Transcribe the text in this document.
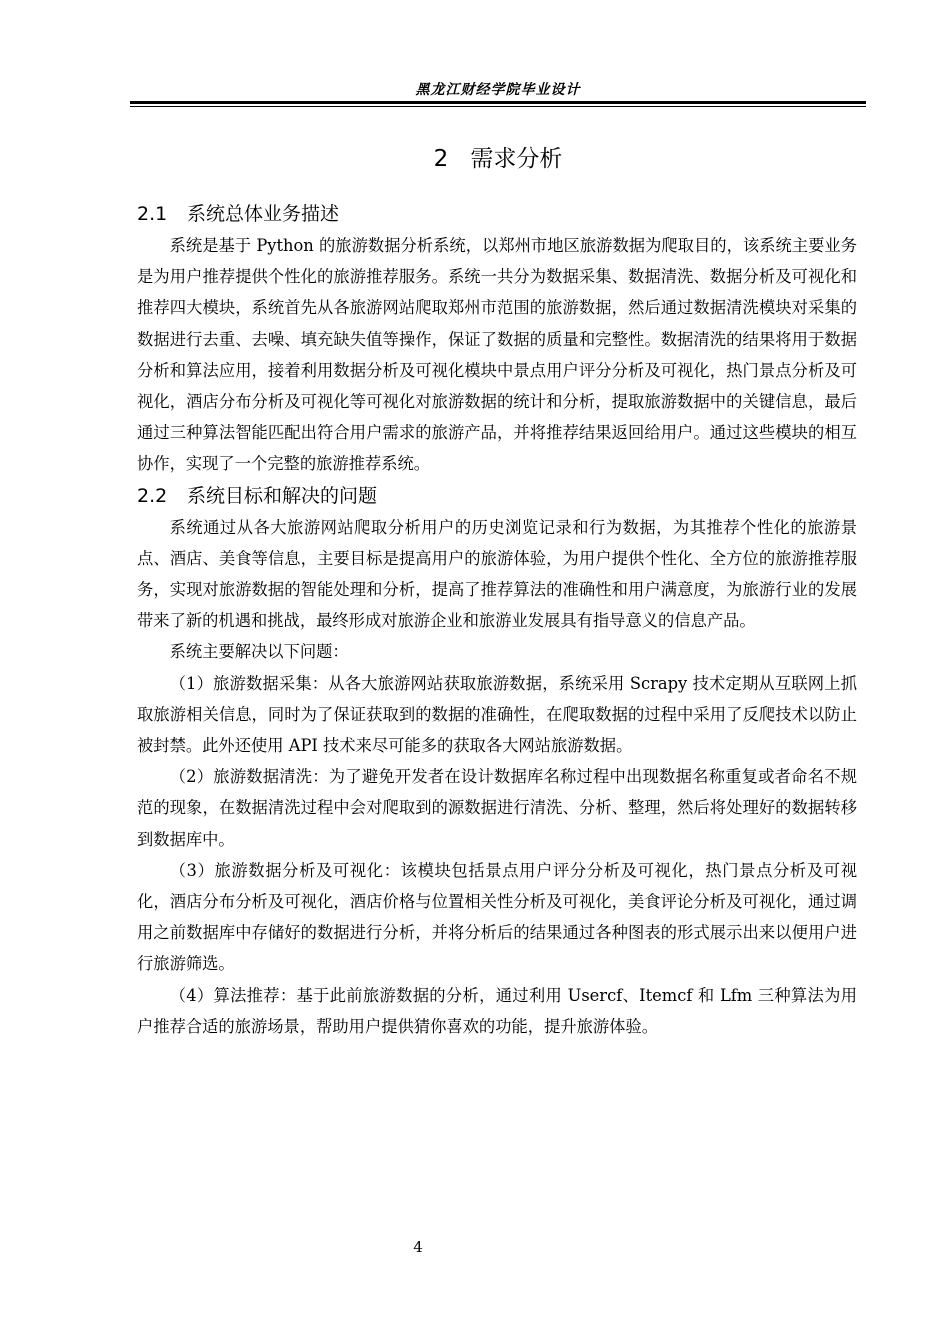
黑龙江财经学院毕业设计
2 需求分析
2.1 系统总体业务描述

系统是基于 Python 的旅游数据分析系统，以郑州市地区旅游数据为爬取目的，该系统主要业务是为用户推荐提供个性化的旅游推荐服务。系统一共分为数据采集、数据清洗、数据分析及可视化和推荐四大模块，系统首先从各旅游网站爬取郑州市范围的旅游数据，然后通过数据清洗模块对采集的数据进行去重、去噪、填充缺失值等操作，保证了数据的质量和完整性。数据清洗的结果将用于数据分析和算法应用，接着利用数据分析及可视化模块中景点用户评分分析及可视化，热门景点分析及可视化，酒店分布分析及可视化等可视化对旅游数据的统计和分析，提取旅游数据中的关键信息，最后通过三种算法智能匹配出符合用户需求的旅游产品，并将推荐结果返回给用户。通过这些模块的相互协作，实现了一个完整的旅游推荐系统。

2.2 系统目标和解决的问题

系统通过从各大旅游网站爬取分析用户的历史浏览记录和行为数据，为其推荐个性化的旅游景点、酒店、美食等信息，主要目标是提高用户的旅游体验，为用户提供个性化、全方位的旅游推荐服务，实现对旅游数据的智能处理和分析，提高了推荐算法的准确性和用户满意度，为旅游行业的发展带来了新的机遇和挑战，最终形成对旅游企业和旅游业发展具有指导意义的信息产品。

系统主要解决以下问题：

（1）旅游数据采集：从各大旅游网站获取旅游数据，系统采用 Scrapy 技术定期从互联网上抓取旅游相关信息，同时为了保证获取到的数据的准确性，在爬取数据的过程中采用了反爬技术以防止被封禁。此外还使用 API 技术来尽可能多的获取各大网站旅游数据。

（2）旅游数据清洗：为了避免开发者在设计数据库名称过程中出现数据名称重复或者命名不规范的现象，在数据清洗过程中会对爬取到的源数据进行清洗、分析、整理，然后将处理好的数据转移到数据库中。

（3）旅游数据分析及可视化：该模块包括景点用户评分分析及可视化，热门景点分析及可视化，酒店分布分析及可视化，酒店价格与位置相关性分析及可视化，美食评论分析及可视化，通过调用之前数据库中存储好的数据进行分析，并将分析后的结果通过各种图表的形式展示出来以便用户进行旅游筛选。

（4）算法推荐：基于此前旅游数据的分析，通过利用 Usercf、Itemcf 和 Lfm 三种算法为用户推荐合适的旅游场景，帮助用户提供猜你喜欢的功能，提升旅游体验。

4
